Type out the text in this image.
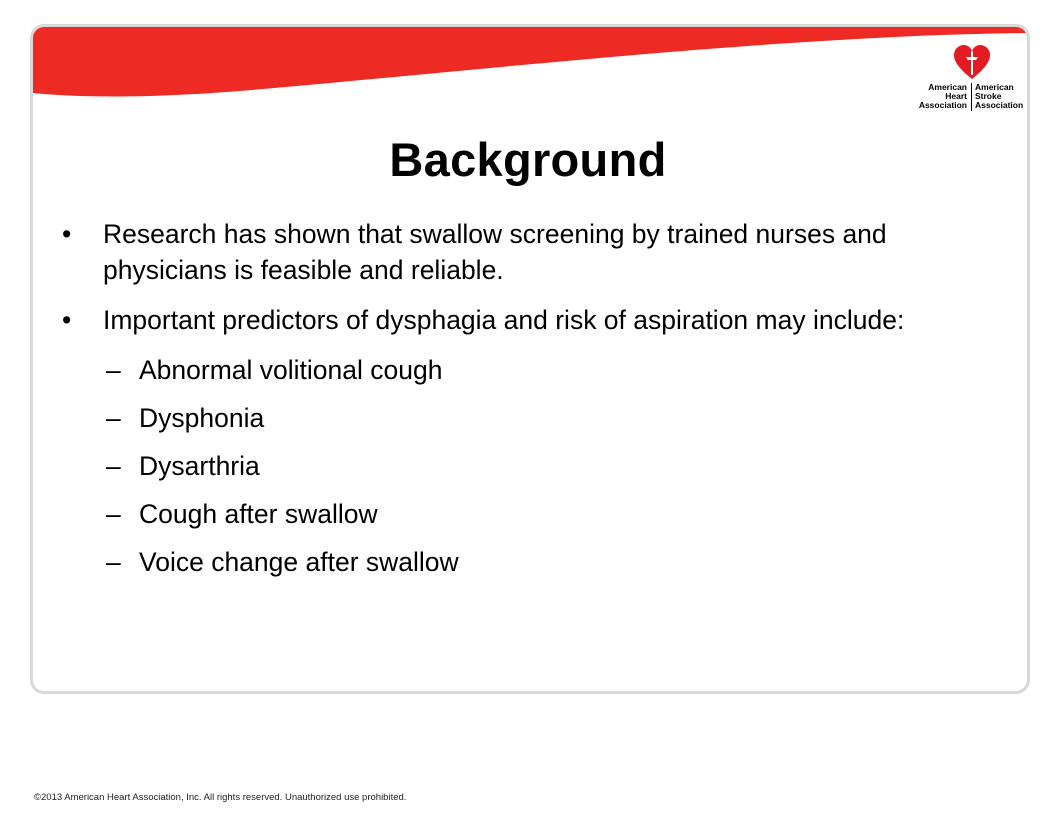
American
Heart
Association
American
Stroke
Association
Background
• Research has shown that swallow screening by trained nurses and physicians is feasible and reliable.
• Important predictors of dysphagia and risk of aspiration may include:
– Abnormal volitional cough
– Dysphonia
– Dysarthria
– Cough after swallow
– Voice change after swallow
©2013 American Heart Association, Inc. All rights reserved. Unauthorized use prohibited.
